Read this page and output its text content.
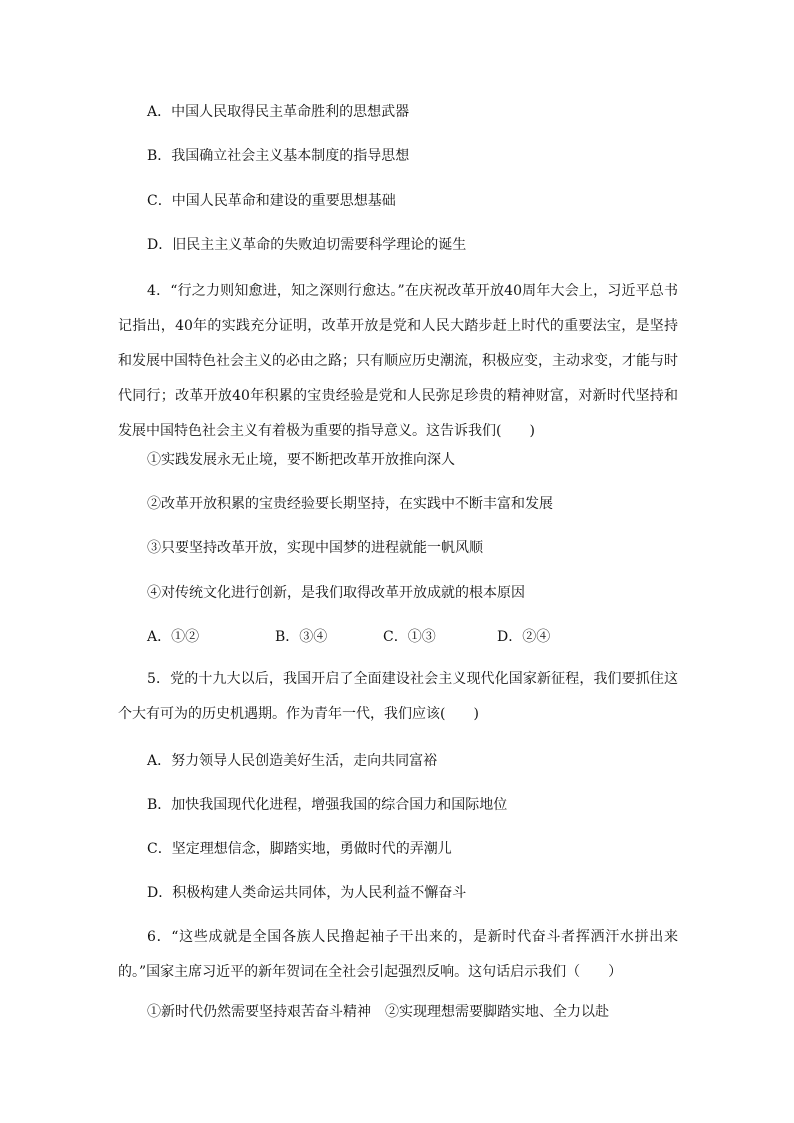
A．中国人民取得民主革命胜利的思想武器
B．我国确立社会主义基本制度的指导思想
C．中国人民革命和建设的重要思想基础
D．旧民主主义革命的失败迫切需要科学理论的诞生
4．“行之力则知愈进，知之深则行愈达。”在庆祝改革开放40周年大会上，习近平总书记指出，40年的实践充分证明，改革开放是党和人民大踏步赶上时代的重要法宝，是坚持和发展中国特色社会主义的必由之路；只有顺应历史潮流，积极应变，主动求变，才能与时代同行；改革开放40年积累的宝贵经验是党和人民弥足珍贵的精神财富，对新时代坚持和发展中国特色社会主义有着极为重要的指导意义。这告诉我们(　　)
①实践发展永无止境，要不断把改革开放推向深人
②改革开放积累的宝贵经验要长期坚持，在实践中不断丰富和发展
③只要坚持改革开放，实现中国梦的进程就能一帆风顺
④对传统文化进行创新，是我们取得改革开放成就的根本原因
A．①②	B．③④	C．①③	D．②④
5．党的十九大以后，我国开启了全面建设社会主义现代化国家新征程，我们要抓住这个大有可为的历史机遇期。作为青年一代，我们应该(　　)
A．努力领导人民创造美好生活，走向共同富裕
B．加快我国现代化进程，增强我国的综合国力和国际地位
C．坚定理想信念，脚踏实地，勇做时代的弄潮儿
D．积极构建人类命运共同体，为人民利益不懈奋斗
6．“这些成就是全国各族人民撸起袖子干出来的，是新时代奋斗者挥洒汗水拼出来的。”国家主席习近平的新年贺词在全社会引起强烈反响。这句话启示我们（　　）
①新时代仍然需要坚持艰苦奋斗精神　②实现理想需要脚踏实地、全力以赴
